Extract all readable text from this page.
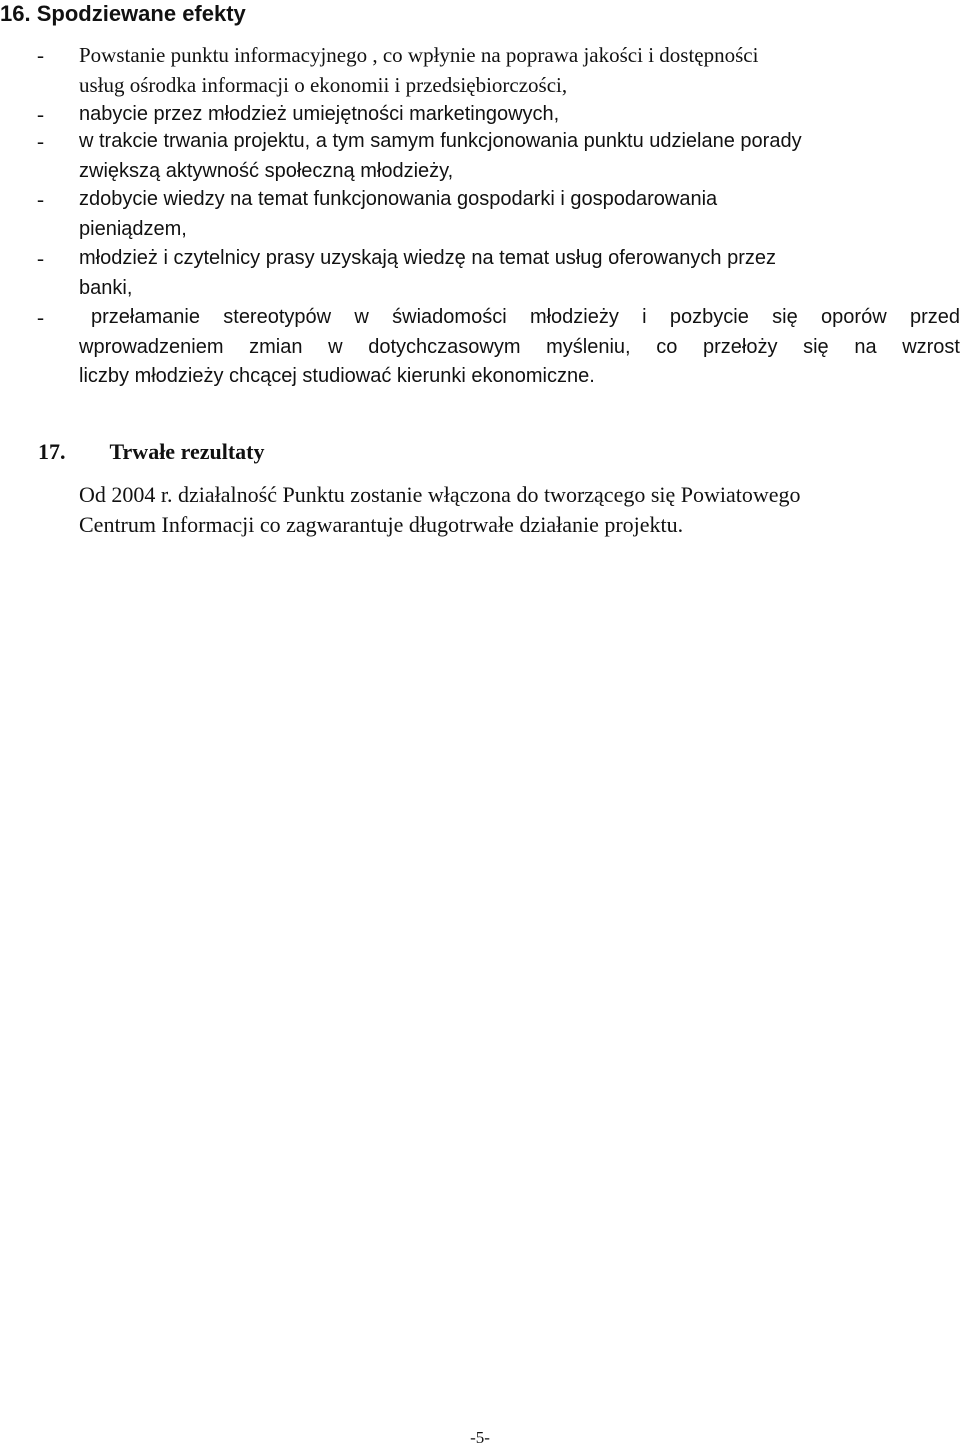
16. Spodziewane efekty
- Powstanie punktu informacyjnego , co wpłynie na poprawa jakości i dostępności
usług ośrodka informacji o ekonomii i przedsiębiorczości,
- nabycie przez młodzież umiejętności marketingowych,
- w trakcie trwania projektu, a tym samym funkcjonowania punktu udzielane porady
zwiększą aktywność społeczną młodzieży,
- zdobycie wiedzy na temat funkcjonowania gospodarki i gospodarowania
pieniądzem,
- młodzież i czytelnicy prasy uzyskają wiedzę na temat usług oferowanych przez
banki,
-	przełamanie stereotypów w świadomości młodzieży i pozbycie się oporów przed
wprowadzeniem zmian w dotychczasowym myśleniu, co przełoży się na wzrost
liczby młodzieży chcącej studiować kierunki ekonomiczne.
17. Trwałe rezultaty
Od 2004 r. działalność Punktu zostanie włączona do tworzącego się Powiatowego
Centrum Informacji co zagwarantuje długotrwałe działanie projektu.
-5-
